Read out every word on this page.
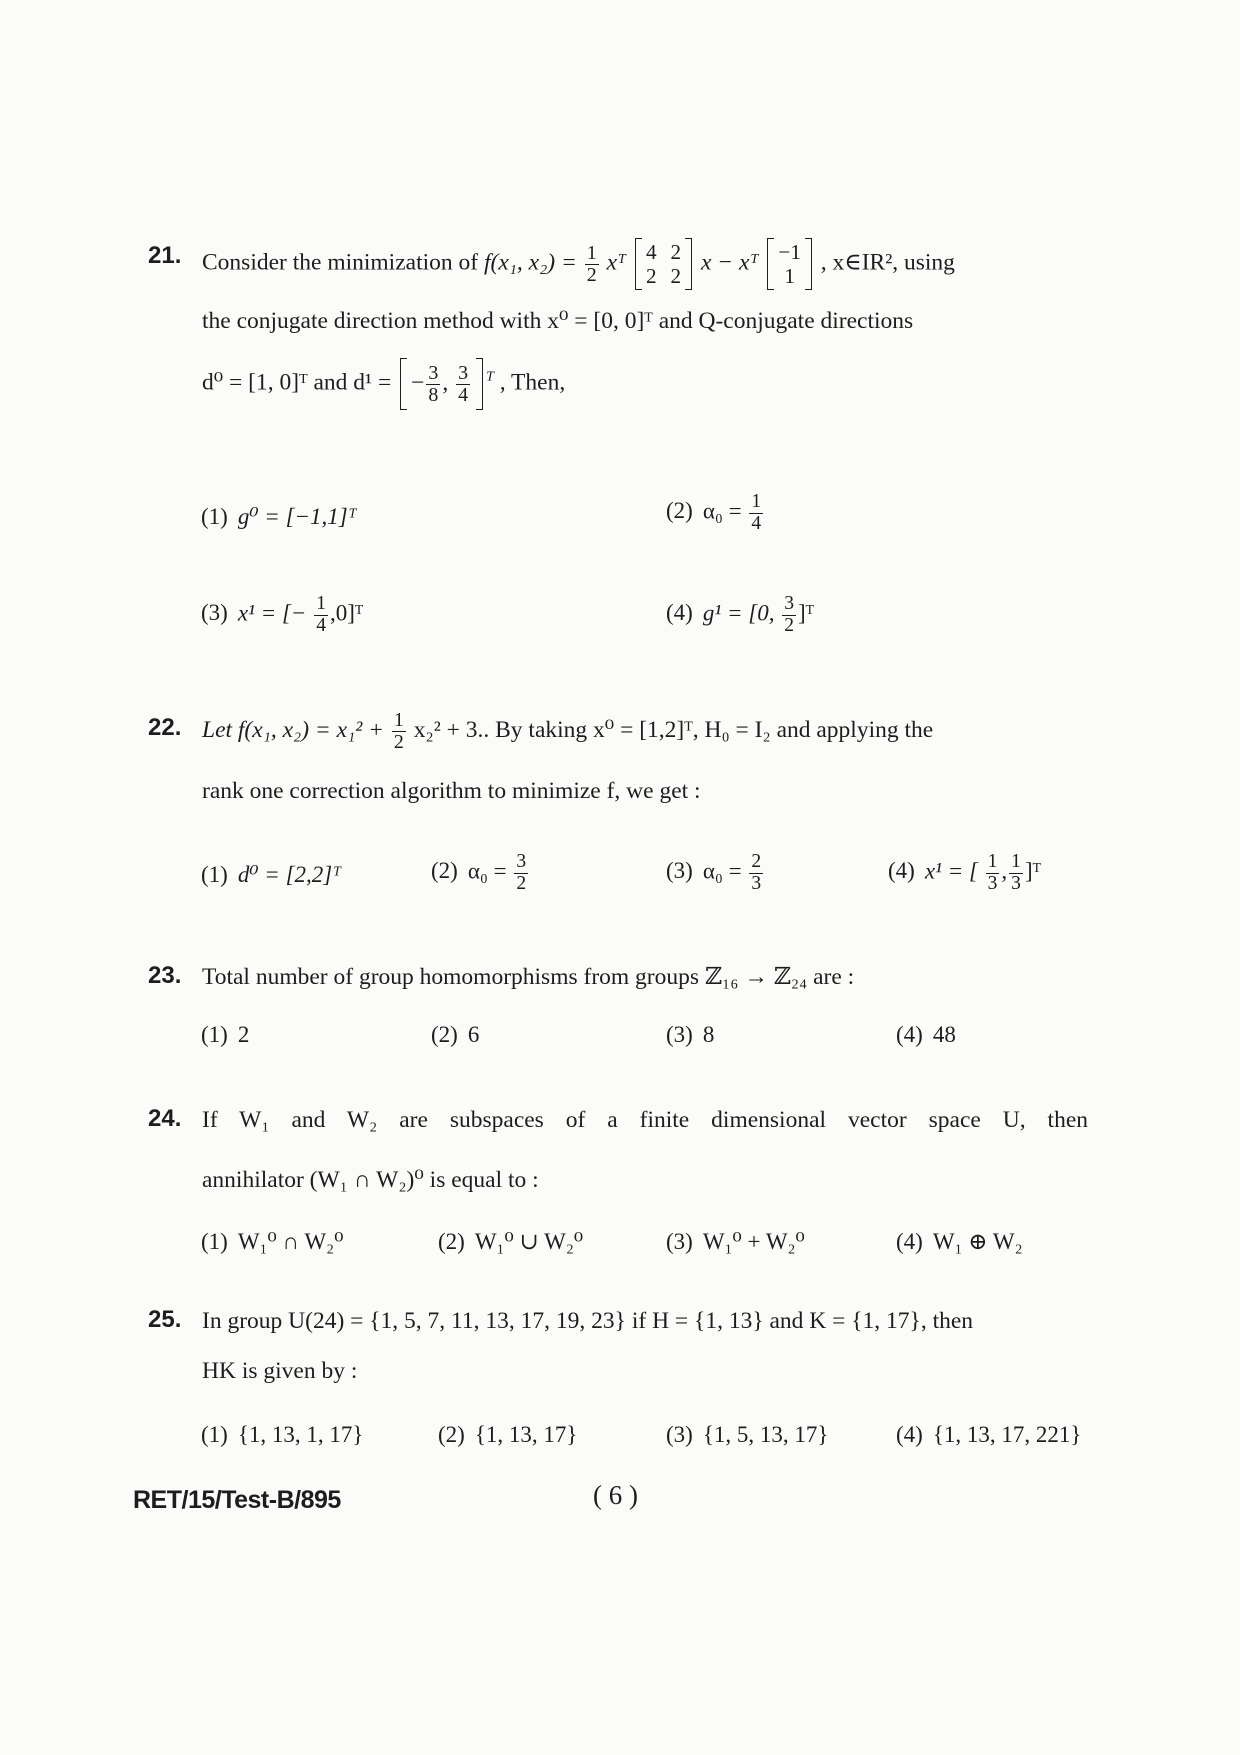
21. Consider the minimization of f(x₁, $x_2) = \frac{1}{2}$ xᵀ 4 2
2 2
x − xᵀ −1
1
, x∈IR², using
the conjugate direction method with x⁰ = [0, 0]ᵀ and Q-conjugate directions
d⁰ = [1, 0]ᵀ and d¹ = − $\frac{3}{8}$ , $\frac{3}{4} ^T$ , Then,
(1) g⁰ = [−1,1]ᵀ	(2) $\alpha_0 = \frac{1}{4}$
(3) x¹ = [− $\frac{1}{4}$ ,0]ᵀ	(4) g¹ = [0, $\frac{3}{2}$ ]ᵀ
22. Let f(x₁, $x_2) = x_1^2 + \frac{1}{2} x_2^2 + 3$.. By taking x⁰ = [1,2]ᵀ, H₀ = I₂ and applying the
rank one correction algorithm to minimize f, we get :
(1) d⁰ = [2,2]ᵀ	(2) $\alpha_0 = \frac{3}{2}$	(3) $\alpha_0 = \frac{2}{3}$	(4) x¹ = [ $\frac{1}{3}$ , $\frac{1}{3}$ ]ᵀ
23. Total number of group homomorphisms from groups ℤ₁₆ → ℤ₂₄ are :
(1) 2	(2) 6	(3) 8	(4) 48
24. If W₁ and W₂ are subspaces of a finite dimensional vector space U, then
annihilator (W₁ ∩ W₂)⁰ is equal to :
(1) W₁⁰ ∩ W₂⁰	(2) W₁⁰ ∪ W₂⁰	(3) W₁⁰ + W₂⁰	(4) W₁ ⊕ W₂
25. In group U(24) = {1, 5, 7, 11, 13, 17, 19, 23} if H = {1, 13} and K = {1, 17}, then
HK is given by :
(1) {1, 13, 1, 17}	(2) {1, 13, 17}	(3) {1, 5, 13, 17}	(4) {1, 13, 17, 221}
RET/15/Test-B/895	( 6 )
